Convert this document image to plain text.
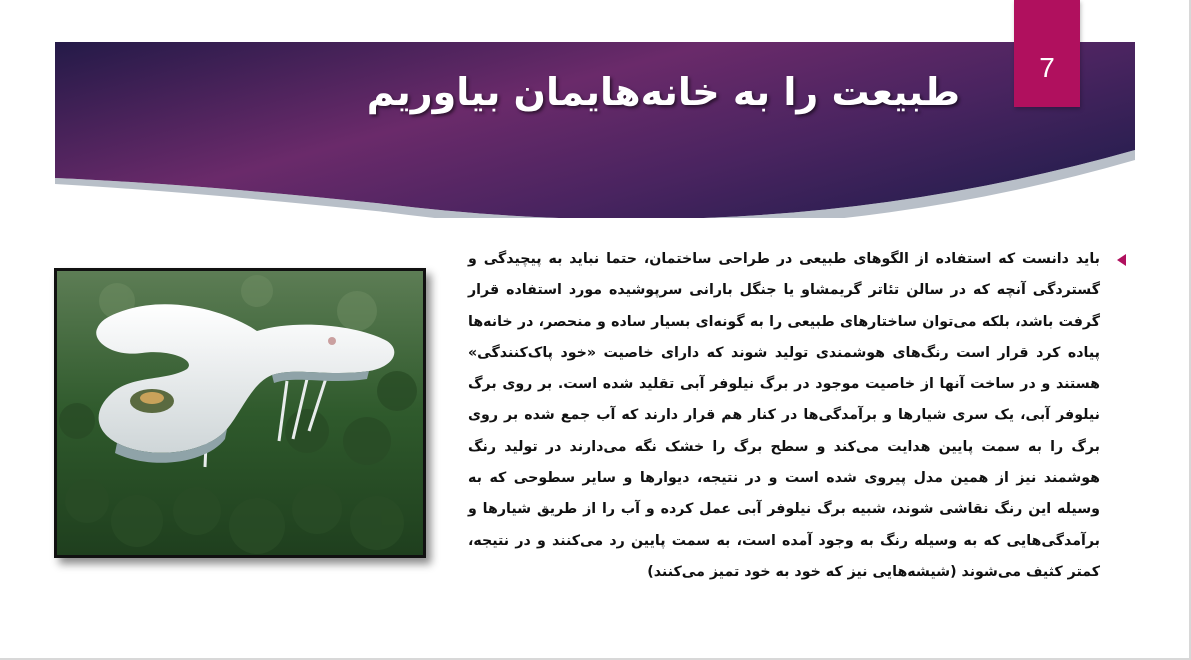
طبیعت را به خانه‌هایمان بیاوریم
7
باید دانست که استفاده از الگوهای طبیعی در طراحی ساختمان، حتما نباید به پیچیدگی و گستردگی آنچه که در سالن تئاتر گریمشاو یا جنگل بارانی سرپوشیده مورد استفاده قرار گرفت باشد، بلکه می‌توان ساختارهای طبیعی را به گونه‌ای بسیار ساده و منحصر، در خانه‌ها پیاده کرد قرار است رنگ‌های هوشمندی تولید شوند که دارای خاصیت «خود پاک‌کنندگی» هستند و در ساخت آنها از خاصیت موجود در برگ نیلوفر آبی تقلید شده است. بر روی برگ نیلوفر آبی، یک سری شیارها و برآمدگی‌ها در کنار هم قرار دارند که آب جمع شده بر روی برگ را به سمت پایین هدایت می‌کند و سطح برگ را خشک نگه می‌دارند در تولید رنگ هوشمند نیز از همین مدل پیروی شده است و در نتیجه، دیوارها و سایر سطوحی که به وسیله این رنگ نقاشی شوند، شبیه برگ نیلوفر آبی عمل کرده و آب را از طریق شیارها و برآمدگی‌هایی که به وسیله رنگ به وجود آمده است، به سمت پایین رد می‌کنند و در نتیجه، کمتر کثیف می‌شوند (شیشه‌هایی نیز که خود به خود تمیز می‌کنند)
